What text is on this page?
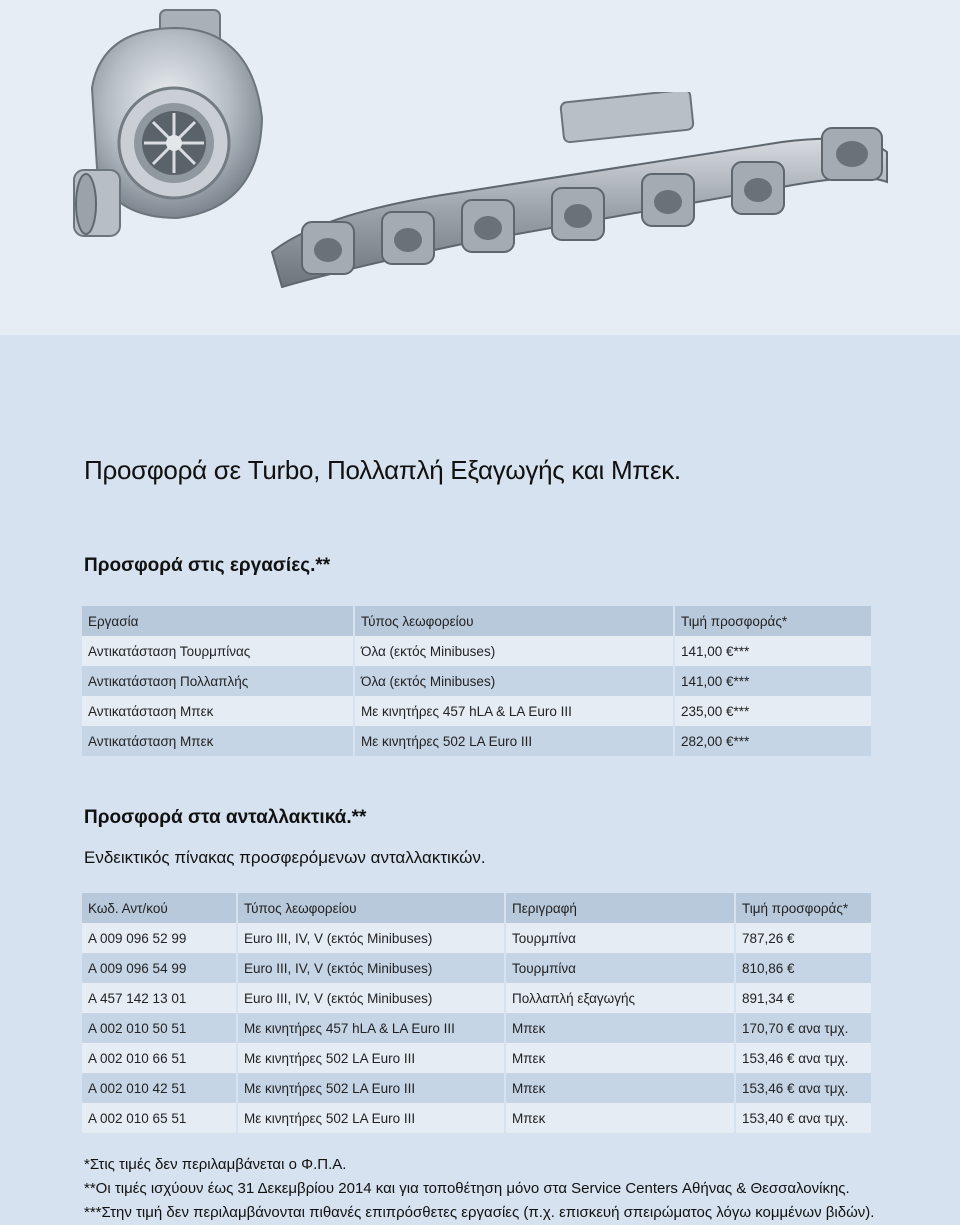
Προσφορά σε Turbo, Πολλαπλή Εξαγωγής και Μπεκ.
Προσφορά στις εργασίες.**
Εργασία	Τύπος λεωφορείου	Τιμή προσφοράς*
Αντικατάσταση Τουρμπίνας	Όλα (εκτός Minibuses)	141,00 €***
Αντικατάσταση Πολλαπλής	Όλα (εκτός Minibuses)	141,00 €***
Αντικατάσταση Μπεκ	Με κινητήρες 457 hLA & LA Euro III	235,00 €***
Αντικατάσταση Μπεκ	Με κινητήρες 502 LA Euro III	282,00 €***
Προσφορά στα ανταλλακτικά.**

Ενδεικτικός πίνακας προσφερόμενων ανταλλακτικών.

Κωδ. Αντ/κού	Τύπος λεωφορείου	Περιγραφή	Τιμή προσφοράς*
A 009 096 52 99	Euro III, IV, V (εκτός Minibuses)	Τουρμπίνα	787,26 €
A 009 096 54 99	Euro III, IV, V (εκτός Minibuses)	Τουρμπίνα	810,86 €
A 457 142 13 01	Euro III, IV, V (εκτός Minibuses)	Πολλαπλή εξαγωγής	891,34 €
A 002 010 50 51	Με κινητήρες 457 hLA & LA Euro III	Μπεκ	170,70 € ανα τμχ.
A 002 010 66 51	Με κινητήρες 502 LA Euro III	Μπεκ	153,46 € ανα τμχ.
A 002 010 42 51	Με κινητήρες 502 LA Euro III	Μπεκ	153,46 € ανα τμχ.
A 002 010 65 51	Με κινητήρες 502 LA Euro III	Μπεκ	153,40 € ανα τμχ.

*Στις τιμές δεν περιλαμβάνεται ο Φ.Π.Α.

**Οι τιμές ισχύουν έως 31 Δεκεμβρίου 2014 και για τοποθέτηση μόνο στα Service Centers Αθήνας & Θεσσαλονίκης.

***Στην τιμή δεν περιλαμβάνονται πιθανές επιπρόσθετες εργασίες (π.χ. επισκευή σπειρώματος λόγω κομμένων βιδών).
